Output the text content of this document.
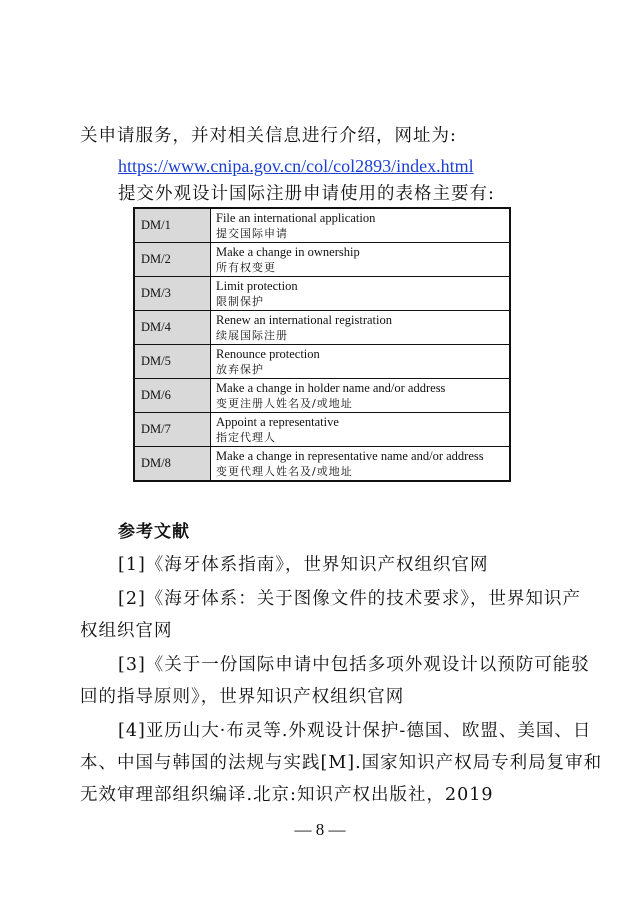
关申请服务，并对相关信息进行介绍，网址为:
https://www.cnipa.gov.cn/col/col2893/index.html
提交外观设计国际注册申请使用的表格主要有:
DM/1	File an international application
提交国际申请

DM/2	Make a change in ownership
所有权变更

DM/3	Limit protection
限制保护

DM/4	Renew an international registration
续展国际注册

DM/5	Renounce protection
放弃保护

DM/6	Make a change in holder name and/or address
变更注册人姓名及/或地址

DM/7	Appoint a representative
指定代理人

DM/8	Make a change in representative name and/or address
变更代理人姓名及/或地址
参考文献
[1]《海牙体系指南》，世界知识产权组织官网
[2]《海牙体系：关于图像文件的技术要求》，世界知识产
权组织官网
[3]《关于一份国际申请中包括多项外观设计以预防可能驳
回的指导原则》，世界知识产权组织官网
[4]亚历山大·布灵等.外观设计保护-德国、欧盟、美国、日
本、中国与韩国的法规与实践[M].国家知识产权局专利局复审和
无效审理部组织编译.北京:知识产权出版社，2019
— 8 —
